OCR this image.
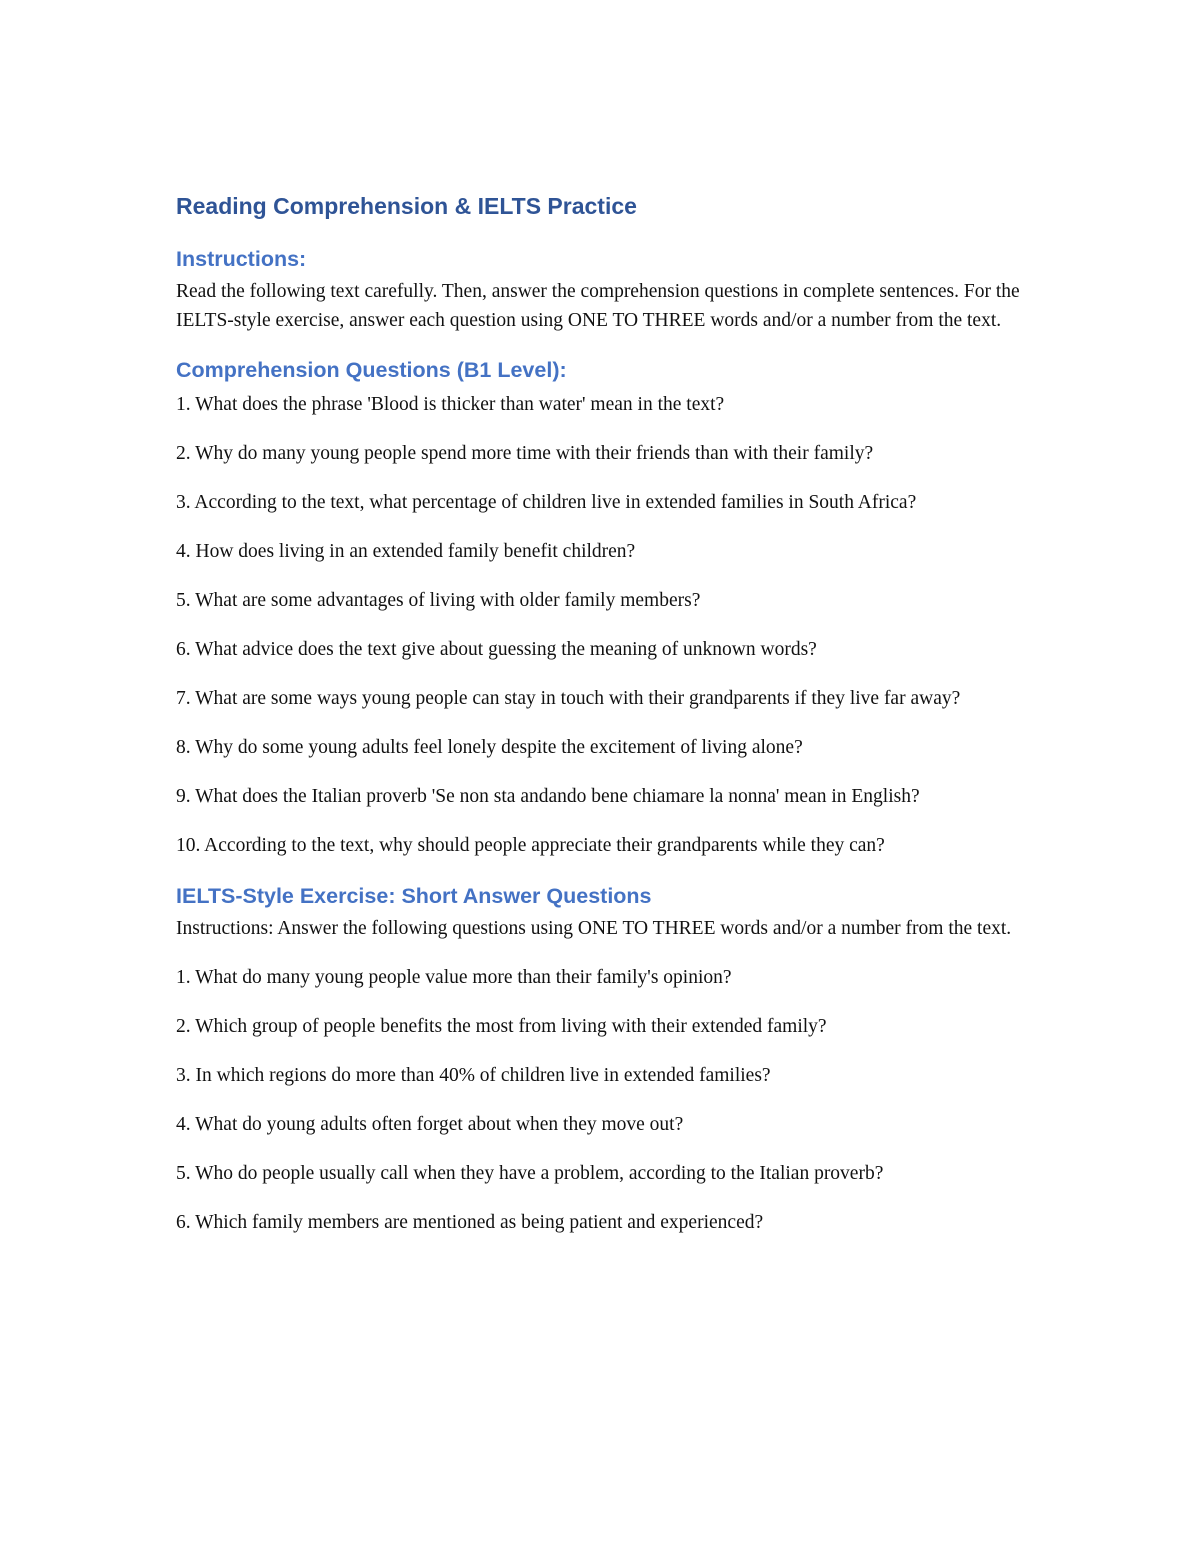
Reading Comprehension & IELTS Practice
Instructions:

Read the following text carefully. Then, answer the comprehension questions in complete sentences. For the IELTS-style exercise, answer each question using ONE TO THREE words and/or a number from the text.

Comprehension Questions (B1 Level):
1. What does the phrase 'Blood is thicker than water' mean in the text?
2. Why do many young people spend more time with their friends than with their family?
3. According to the text, what percentage of children live in extended families in South Africa?
4. How does living in an extended family benefit children?
5. What are some advantages of living with older family members?
6. What advice does the text give about guessing the meaning of unknown words?
7. What are some ways young people can stay in touch with their grandparents if they live far away?
8. Why do some young adults feel lonely despite the excitement of living alone?
9. What does the Italian proverb 'Se non sta andando bene chiamare la nonna' mean in English?
10. According to the text, why should people appreciate their grandparents while they can?
IELTS-Style Exercise: Short Answer Questions

Instructions: Answer the following questions using ONE TO THREE words and/or a number from the text.

1. What do many young people value more than their family's opinion?
2. Which group of people benefits the most from living with their extended family?
3. In which regions do more than 40% of children live in extended families?
4. What do young adults often forget about when they move out?
5. Who do people usually call when they have a problem, according to the Italian proverb?
6. Which family members are mentioned as being patient and experienced?
